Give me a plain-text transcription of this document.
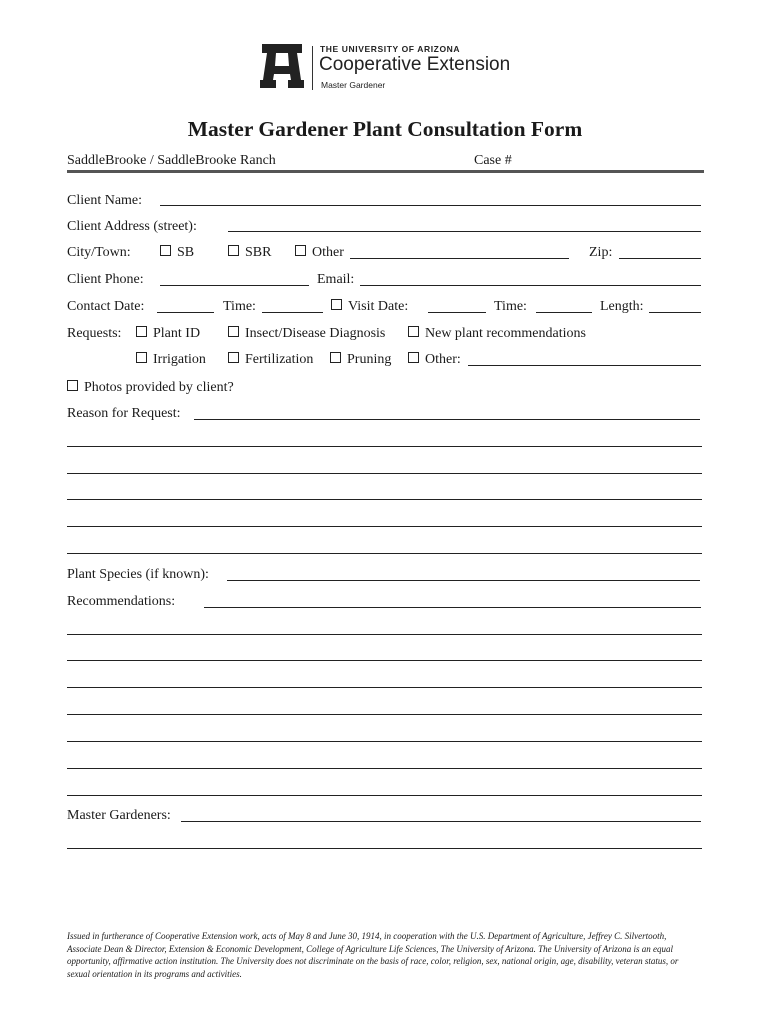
THE UNIVERSITY OF ARIZONA
Cooperative Extension
Master Gardener
Master Gardener Plant Consultation Form
SaddleBrooke / SaddleBrooke Ranch	Case #
Client Name:
Client Address (street):
City/Town:	SB	SBR	Other	Zip:
Client Phone:	Email:
Contact Date:	Time:	Visit Date:	Time:	Length:
Requests:	Plant ID	Insect/Disease Diagnosis	New plant recommendations
Irrigation	Fertilization	Pruning	Other:
Photos provided by client?
Reason for Request:
Plant Species (if known):
Recommendations:
Master Gardeners:
Issued in furtherance of Cooperative Extension work, acts of May 8 and June 30, 1914, in cooperation with the U.S. Department of Agriculture, Jeffrey C. Silvertooth, Associate Dean & Director, Extension & Economic Development, College of Agriculture Life Sciences, The University of Arizona. The University of Arizona is an equal opportunity, affirmative action institution. The University does not discriminate on the basis of race, color, religion, sex, national origin, age, disability, veteran status, or sexual orientation in its programs and activities.
